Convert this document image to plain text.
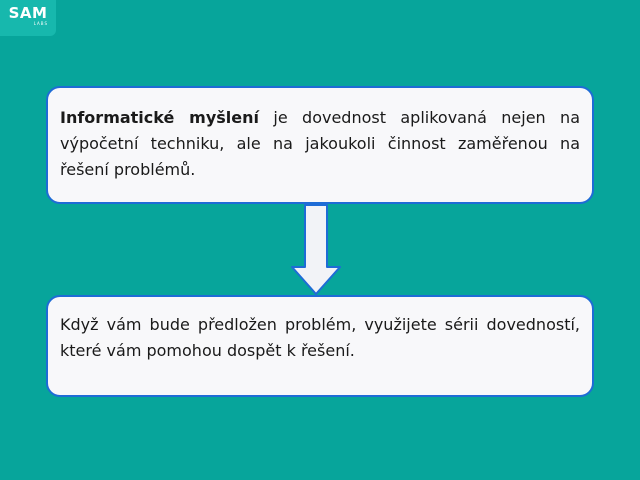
SAM
LABS
Informatické myšlení je dovednost aplikovaná nejen na výpočetní techniku, ale na jakoukoli činnost zaměřenou na řešení problémů.
Když vám bude předložen problém, využijete sérii dovedností, které vám pomohou dospět k řešení.
